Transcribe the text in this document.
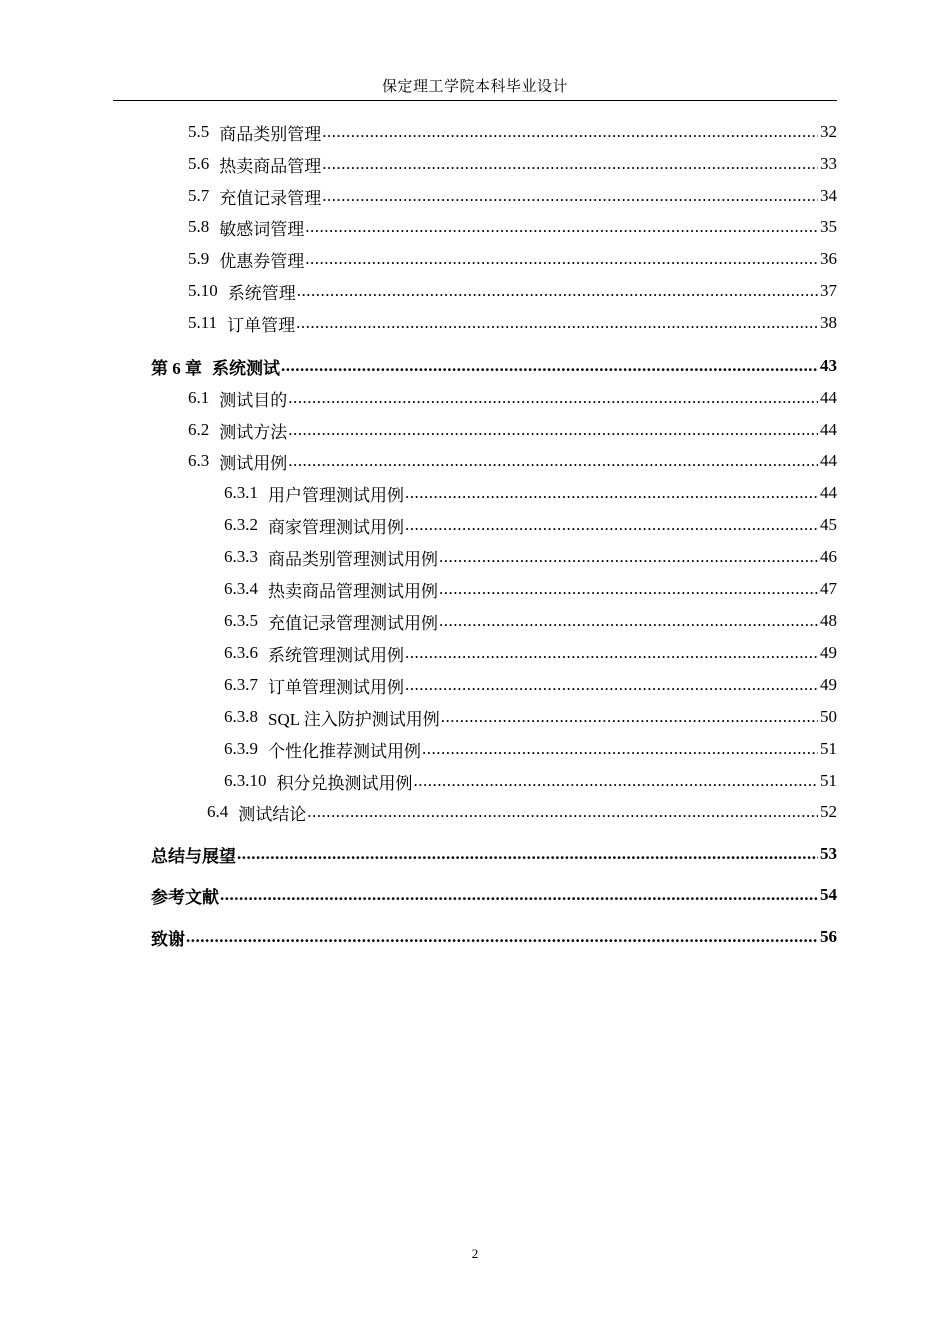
保定理工学院本科毕业设计
5.5 商品类别管理 .....	32
5.6 热卖商品管理 .....	33
5.7 充值记录管理 .....	34
5.8 敏感词管理 .....	35
5.9 优惠券管理 .....	36
5.10 系统管理 .....	37
5.11 订单管理 .....	38
第 6 章 系统测试 .....	43
6.1 测试目的 .....	44
6.2 测试方法 .....	44
6.3 测试用例 .....	44
6.3.1 用户管理测试用例 .....	44
6.3.2 商家管理测试用例 .....	45
6.3.3 商品类别管理测试用例 .....	46
6.3.4 热卖商品管理测试用例 .....	47
6.3.5 充值记录管理测试用例 .....	48
6.3.6 系统管理测试用例 .....	49
6.3.7 订单管理测试用例 .....	49
6.3.8 SQL 注入防护测试用例 .....	50
6.3.9 个性化推荐测试用例 .....	51
6.3.10 积分兑换测试用例 .....	51
6.4 测试结论 .....	52
总结与展望 .....	53
参考文献 .....	54
致谢 .....	56
2
